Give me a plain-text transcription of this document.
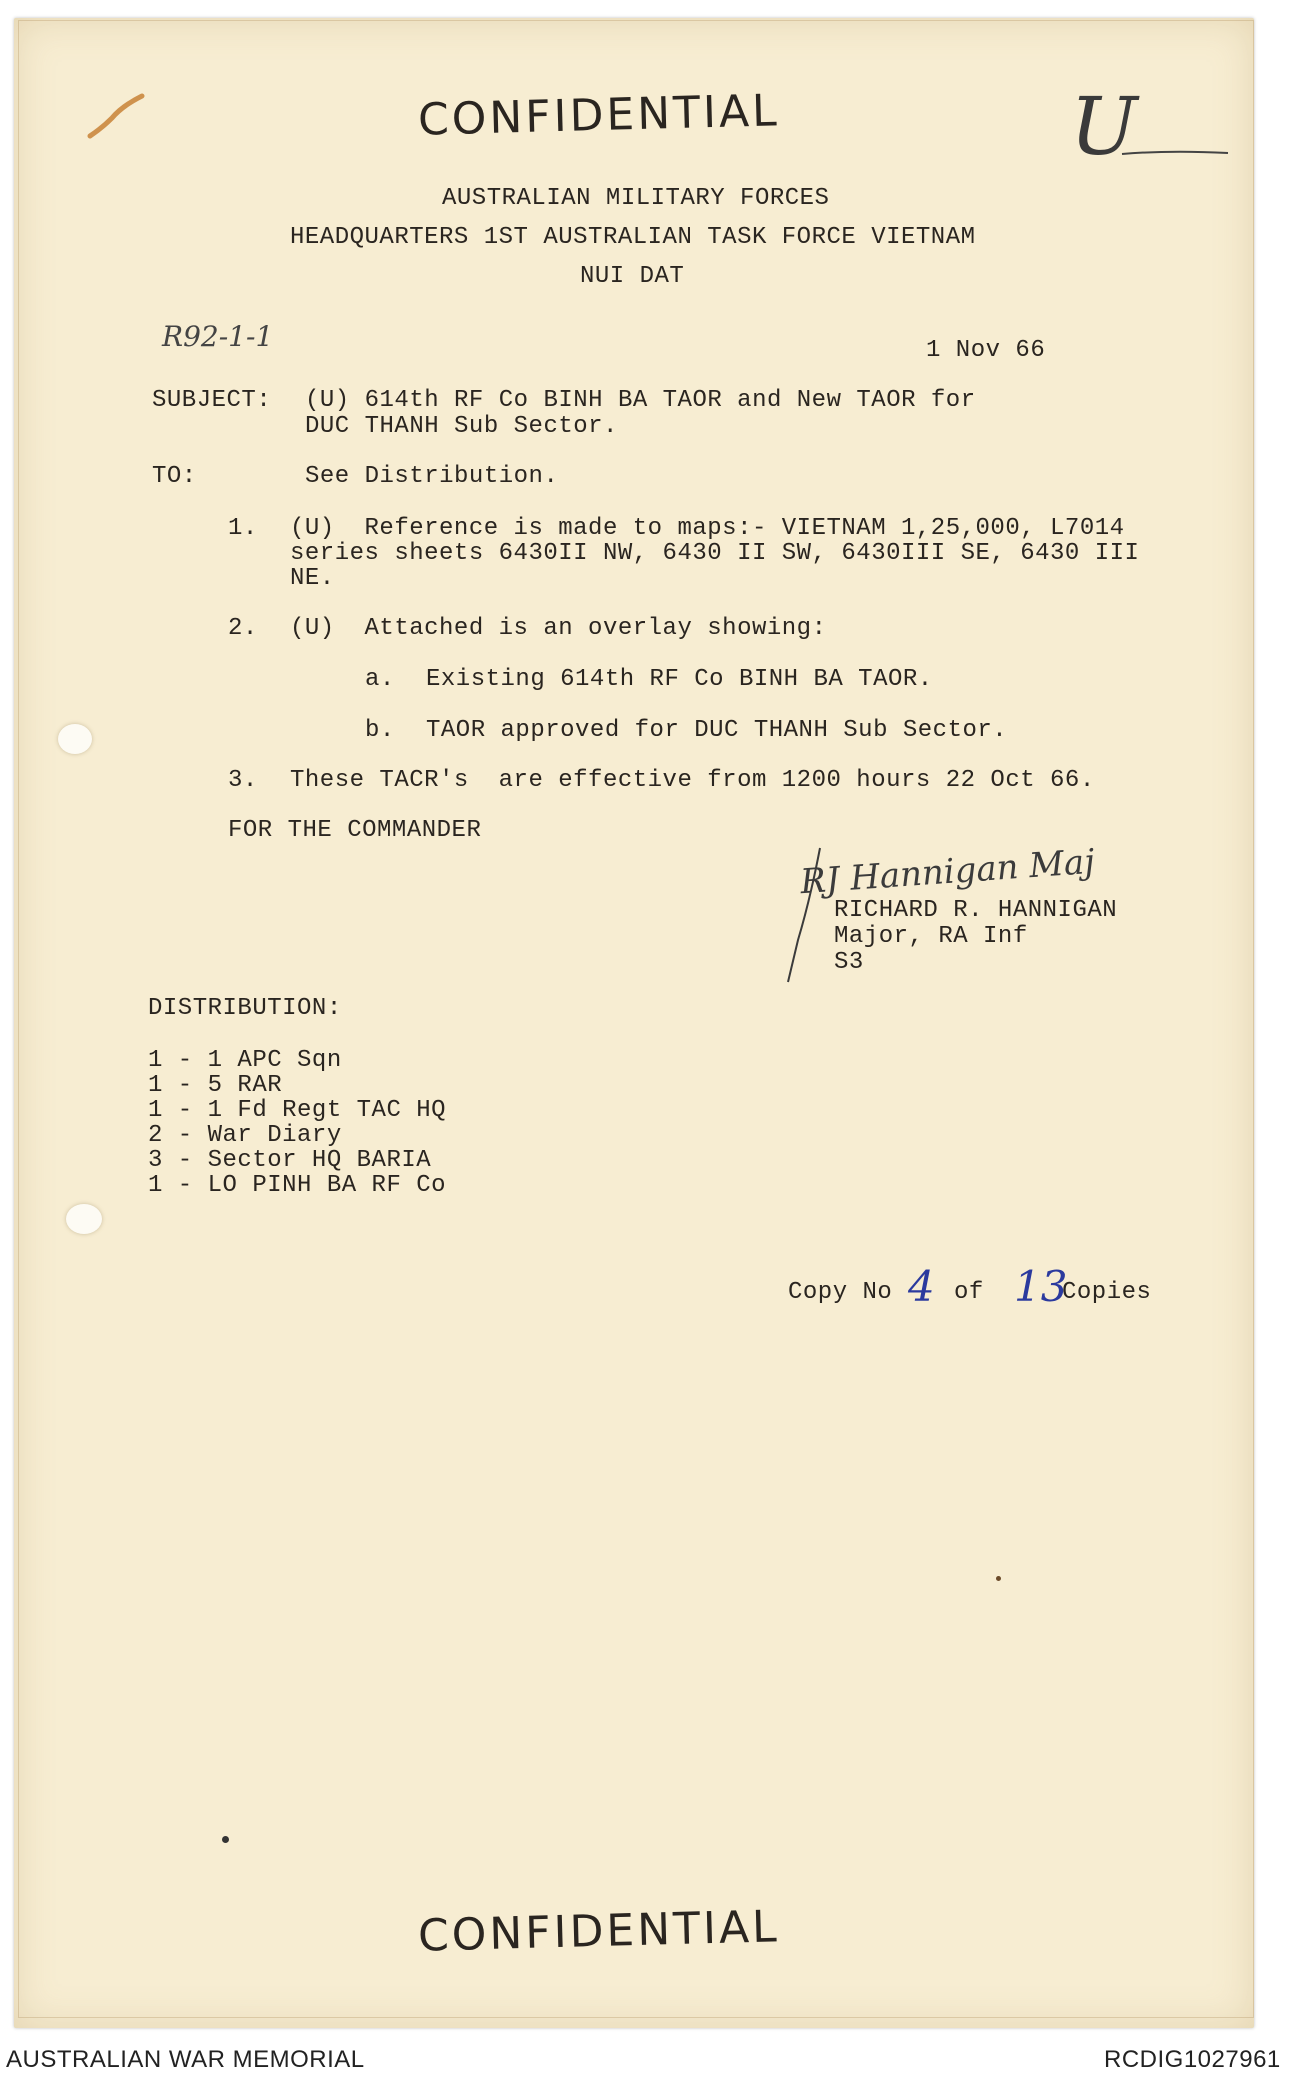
CONFIDENTIAL	U
AUSTRALIAN MILITARY FORCES
HEADQUARTERS 1ST AUSTRALIAN TASK FORCE VIETNAM
NUI DAT
R92-1-1	1 Nov 66
SUBJECT: (U) 614th RF Co BINH BA TAOR and New TAOR for
DUC THANH Sub Sector.
TO:	See Distribution.
1. (U)  Reference is made to maps:- VIETNAM 1,25,000, L7014
series sheets 6430II NW, 6430 II SW, 6430III SE, 6430 III
NE.
2. (U)  Attached is an overlay showing:
a. Existing 614th RF Co BINH BA TAOR.
b. TAOR approved for DUC THANH Sub Sector.
3. These TACR's  are effective from 1200 hours 22 Oct 66.
FOR THE COMMANDER
RJ Hannigan Maj
RICHARD R. HANNIGAN
Major, RA Inf
S3
DISTRIBUTION:
1 - 1 APC Sqn
1 - 5 RAR
1 - 1 Fd Regt TAC HQ
2 - War Diary
3 - Sector HQ BARIA
1 - LO PINH BA RF Co
Copy No 4 of 13
Copies
CONFIDENTIAL
AUSTRALIAN WAR MEMORIAL	RCDIG1027961
